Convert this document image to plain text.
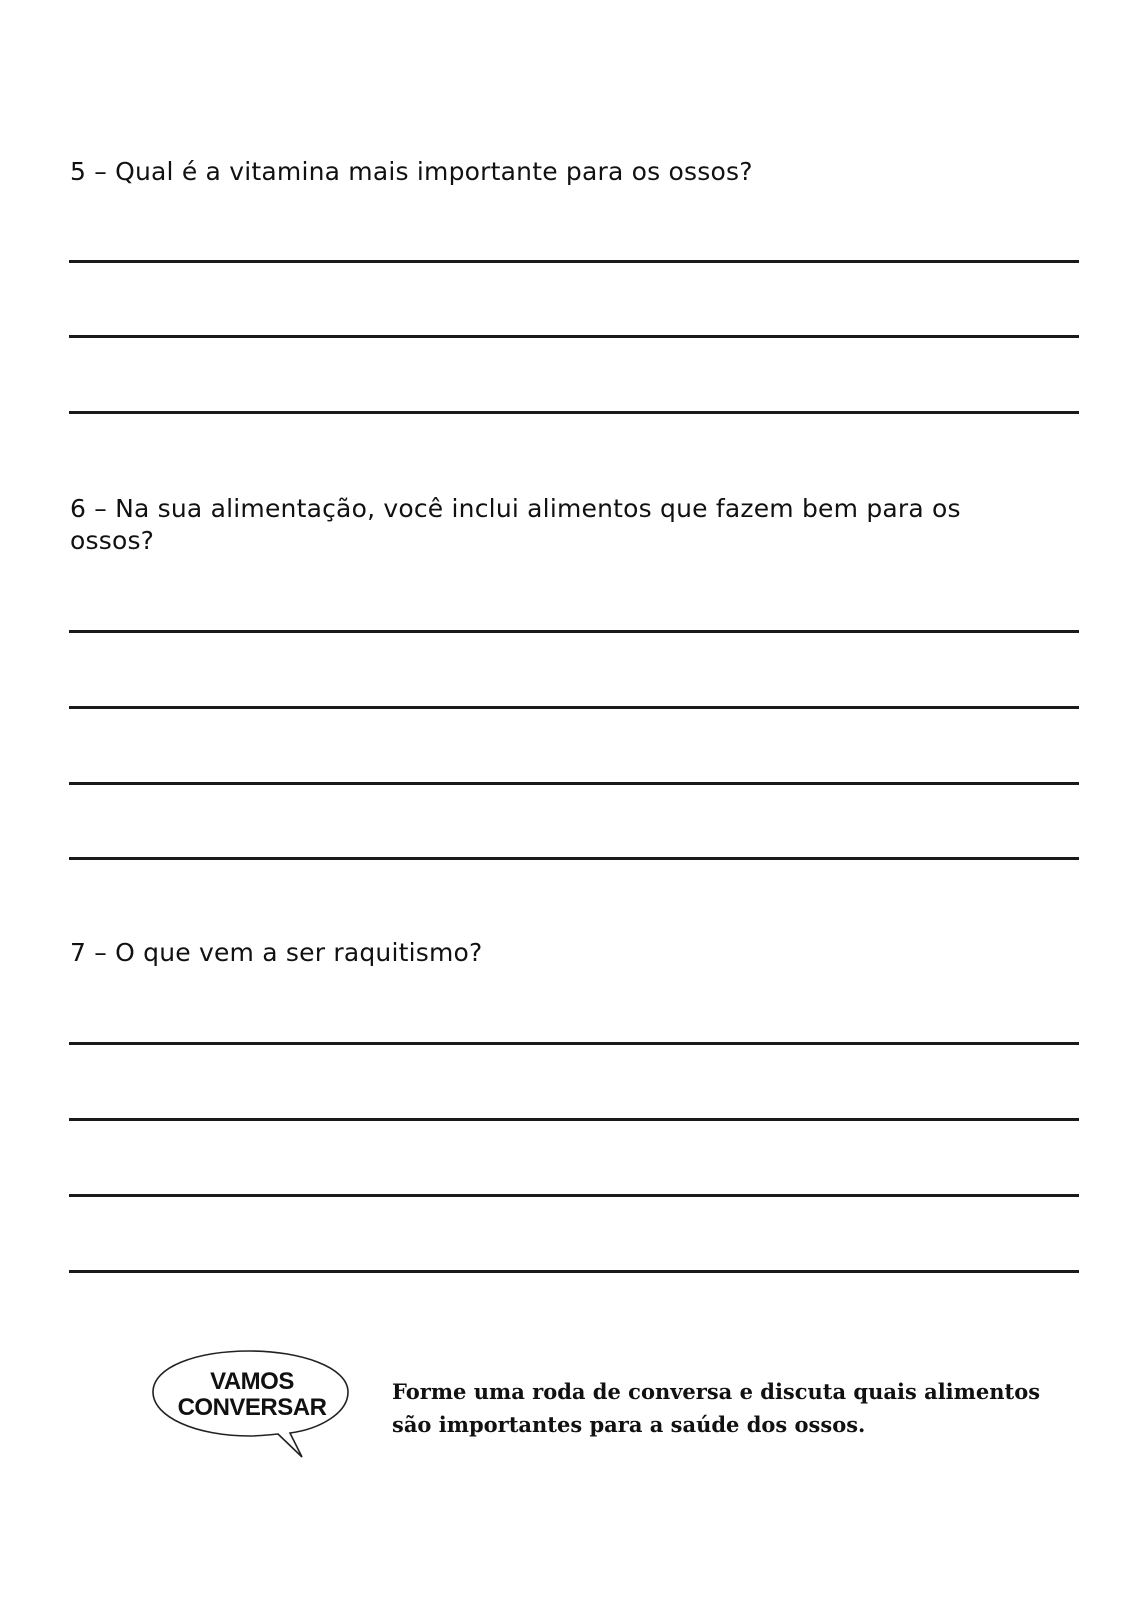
5 – Qual é a vitamina mais importante para os ossos?

6 – Na sua alimentação, você inclui alimentos que fazem bem para os ossos?

7 – O que vem a ser raquitismo?

VAMOS
CONVERSAR

Forme uma roda de conversa e discuta quais alimentos
são importantes para a saúde dos ossos.
